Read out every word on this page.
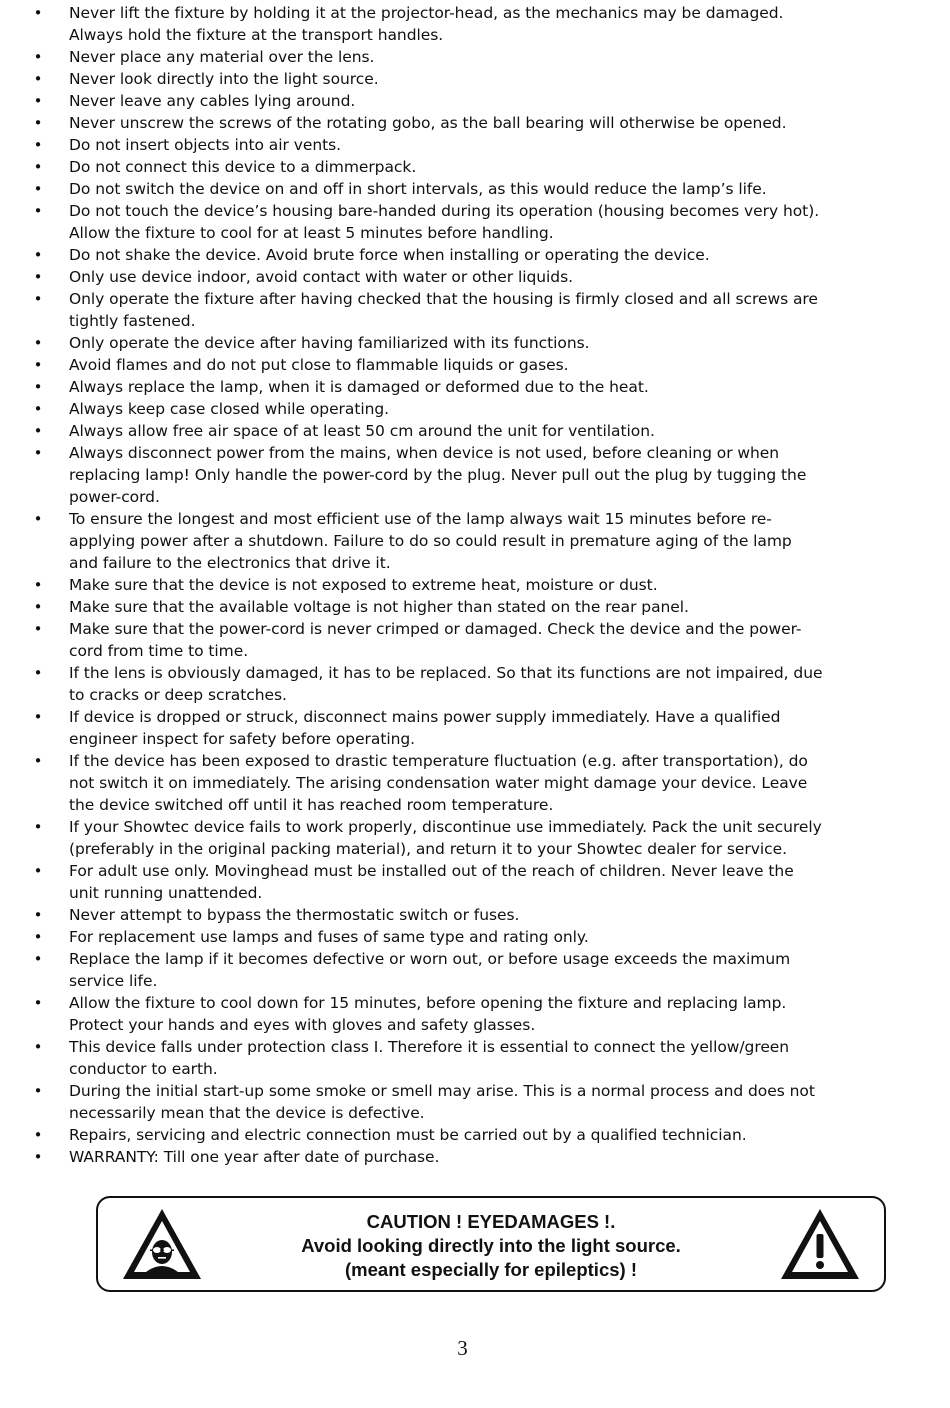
• Never lift the fixture by holding it at the projector-head, as the mechanics may be damaged.
Always hold the fixture at the transport handles.
• Never place any material over the lens.
• Never look directly into the light source.
• Never leave any cables lying around.
• Never unscrew the screws of the rotating gobo, as the ball bearing will otherwise be opened.
• Do not insert objects into air vents.
• Do not connect this device to a dimmerpack.
• Do not switch the device on and off in short intervals, as this would reduce the lamp’s life.
• Do not touch the device’s housing bare-handed during its operation (housing becomes very hot).
Allow the fixture to cool for at least 5 minutes before handling.
• Do not shake the device. Avoid brute force when installing or operating the device.
• Only use device indoor, avoid contact with water or other liquids.
• Only operate the fixture after having checked that the housing is firmly closed and all screws are
tightly fastened.
• Only operate the device after having familiarized with its functions.
• Avoid flames and do not put close to flammable liquids or gases.
• Always replace the lamp, when it is damaged or deformed due to the heat.
• Always keep case closed while operating.
• Always allow free air space of at least 50 cm around the unit for ventilation.
• Always disconnect power from the mains, when device is not used, before cleaning or when
replacing lamp! Only handle the power-cord by the plug. Never pull out the plug by tugging the
power-cord.
• To ensure the longest and most efficient use of the lamp always wait 15 minutes before re-
applying power after a shutdown. Failure to do so could result in premature aging of the lamp
and failure to the electronics that drive it.
• Make sure that the device is not exposed to extreme heat, moisture or dust.
• Make sure that the available voltage is not higher than stated on the rear panel.
• Make sure that the power-cord is never crimped or damaged. Check the device and the power-
cord from time to time.
• If the lens is obviously damaged, it has to be replaced. So that its functions are not impaired, due
to cracks or deep scratches.
• If device is dropped or struck, disconnect mains power supply immediately. Have a qualified
engineer inspect for safety before operating.
• If the device has been exposed to drastic temperature fluctuation (e.g. after transportation), do
not switch it on immediately. The arising condensation water might damage your device. Leave
the device switched off until it has reached room temperature.
• If your Showtec device fails to work properly, discontinue use immediately. Pack the unit securely
(preferably in the original packing material), and return it to your Showtec dealer for service.
• For adult use only. Movinghead must be installed out of the reach of children. Never leave the
unit running unattended.
• Never attempt to bypass the thermostatic switch or fuses.
• For replacement use lamps and fuses of same type and rating only.
• Replace the lamp if it becomes defective or worn out, or before usage exceeds the maximum
service life.
• Allow the fixture to cool down for 15 minutes, before opening the fixture and replacing lamp.
Protect your hands and eyes with gloves and safety glasses.
• This device falls under protection class I. Therefore it is essential to connect the yellow/green
conductor to earth.
• During the initial start-up some smoke or smell may arise. This is a normal process and does not
necessarily mean that the device is defective.
• Repairs, servicing and electric connection must be carried out by a qualified technician.
• WARRANTY: Till one year after date of purchase.
CAUTION ! EYEDAMAGES !.
Avoid looking directly into the light source.
(meant especially for epileptics) !
3
